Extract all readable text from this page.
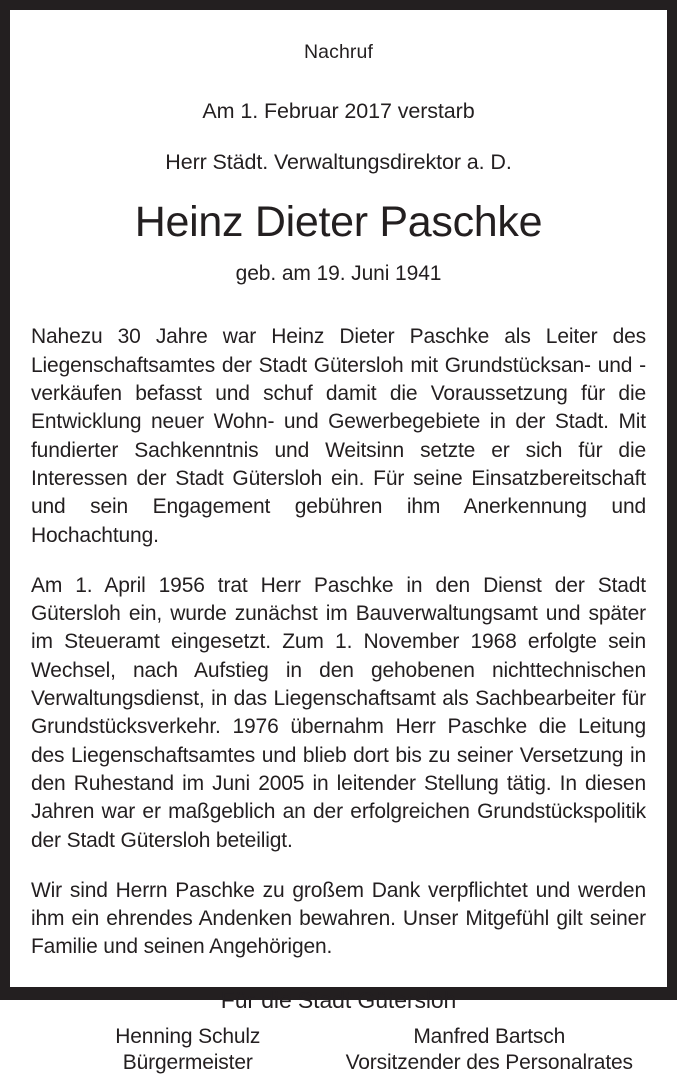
Nachruf
Am 1. Februar 2017 verstarb
Herr Städt. Verwaltungsdirektor a. D.
Heinz Dieter Paschke
geb. am 19. Juni 1941

Nahezu 30 Jahre war Heinz Dieter Paschke als Leiter des Liegenschaftsamtes der Stadt Gütersloh mit Grundstücksan- und -verkäufen befasst und schuf damit die Voraussetzung für die Entwicklung neuer Wohn- und Gewerbegebiete in der Stadt. Mit fundierter Sachkenntnis und Weitsinn setzte er sich für die Interessen der Stadt Gütersloh ein. Für seine Einsatzbereitschaft und sein Engagement gebühren ihm Anerkennung und Hochachtung.

Am 1. April 1956 trat Herr Paschke in den Dienst der Stadt Gütersloh ein, wurde zunächst im Bauverwaltungsamt und später im Steueramt eingesetzt. Zum 1. November 1968 erfolgte sein Wechsel, nach Aufstieg in den gehobenen nichttechnischen Verwaltungsdienst, in das Liegenschaftsamt als Sachbearbeiter für Grundstücksverkehr. 1976 übernahm Herr Paschke die Leitung des Liegenschaftsamtes und blieb dort bis zu seiner Versetzung in den Ruhestand im Juni 2005 in leitender Stellung tätig. In diesen Jahren war er maßgeblich an der erfolgreichen Grundstückspolitik der Stadt Gütersloh beteiligt.

Wir sind Herrn Paschke zu großem Dank verpflichtet und werden ihm ein ehrendes Andenken bewahren. Unser Mitgefühl gilt seiner Familie und seinen Angehörigen.

Für die Stadt Gütersloh
Henning Schulz
Bürgermeister
Manfred Bartsch
Vorsitzender des Personalrates
